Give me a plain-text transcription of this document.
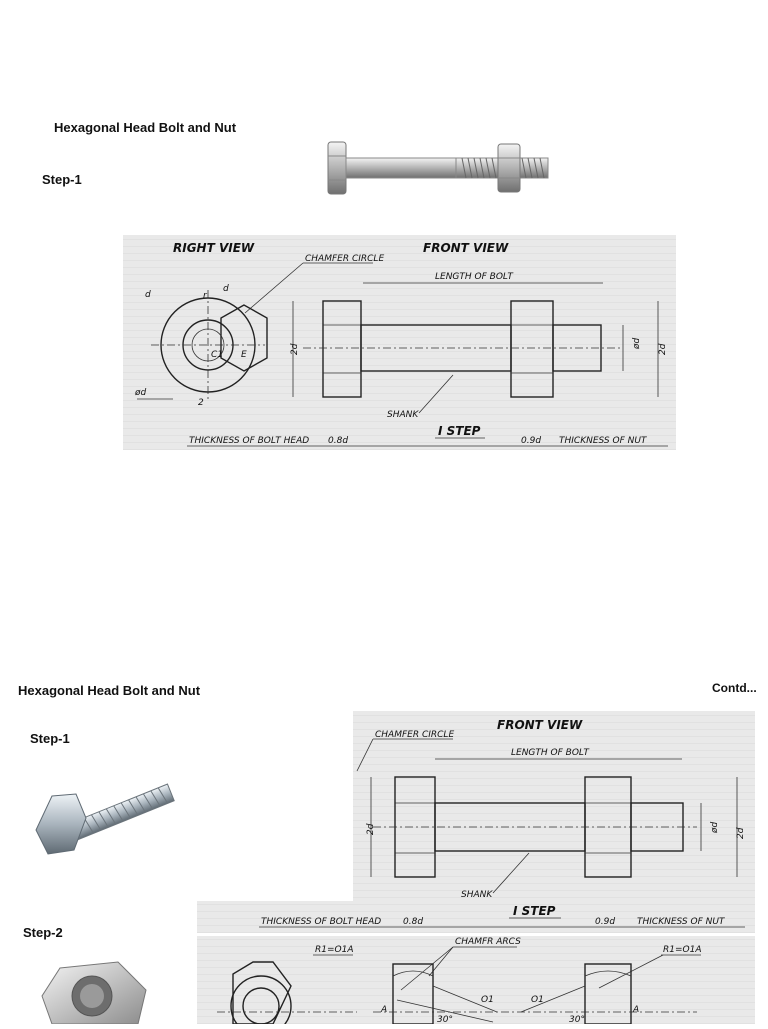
Hexagonal Head Bolt and Nut
Step-1
RIGHT VIEW	FRONT VIEW
CHAMFER CIRCLE
d
d
r
C1 E
2
ød
LENGTH OF BOLT
2d
ød
2d
SHANK
I STEP
THICKNESS OF BOLT HEAD 0.8d	0.9d THICKNESS OF NUT
Hexagonal Head Bolt and Nut	Contd...
Step-1
Step-2
FRONT VIEW
CHAMFER CIRCLE
LENGTH OF BOLT
2d	ød
2d
SHANK
I STEP
THICKNESS OF BOLT HEAD 0.8d	0.9d THICKNESS OF NUT
CHAMFR ARCS
R1=O1A	R1=O1A
A	A
O1	O1
30°	30°
